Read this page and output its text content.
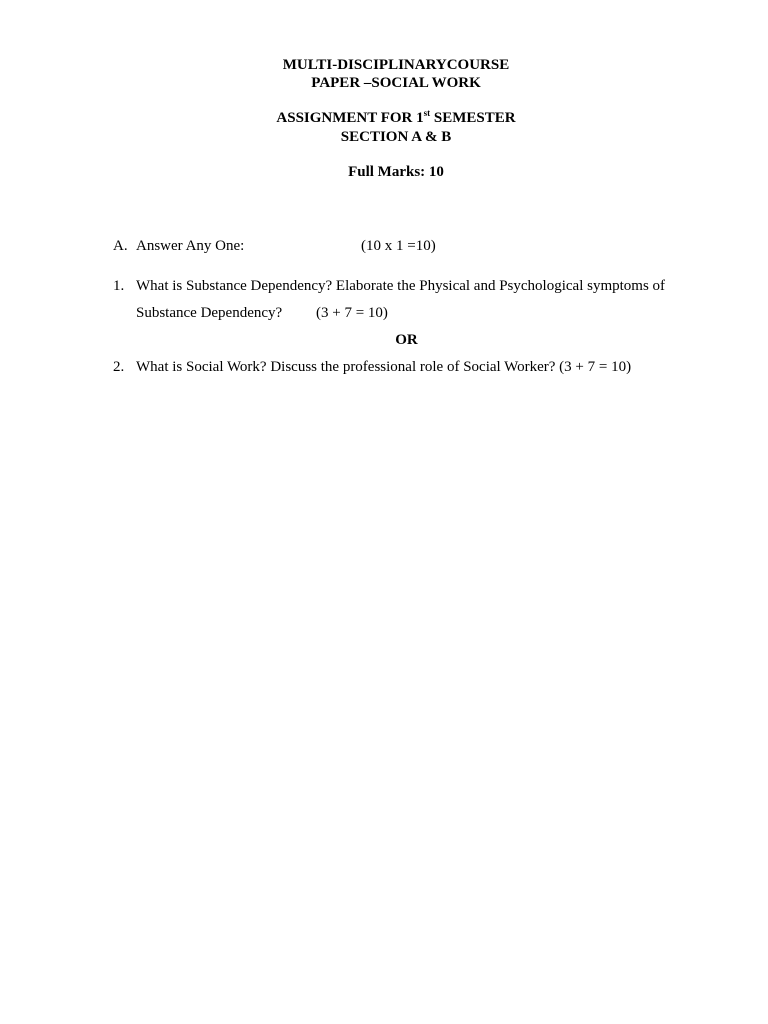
MULTI-DISCIPLINARYCOURSE
PAPER –SOCIAL WORK
ASSIGNMENT FOR 1st SEMESTER
SECTION A & B
Full Marks: 10
A. Answer Any One:	(10 x 1 =10)
1. What is Substance Dependency? Elaborate the Physical and Psychological symptoms of
Substance Dependency? (3 + 7 = 10)
OR
2. What is Social Work? Discuss the professional role of Social Worker? (3 + 7 = 10)
